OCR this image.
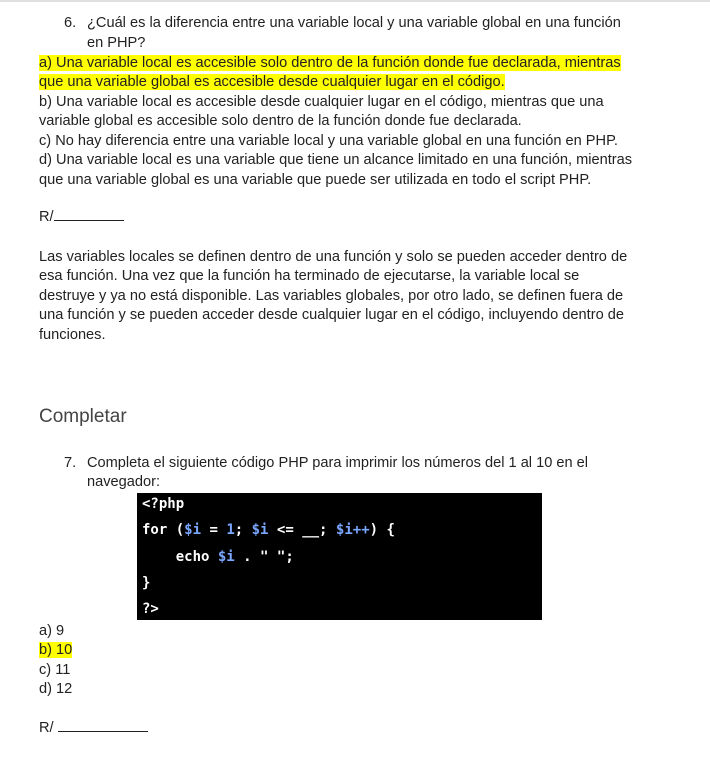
6. ¿Cuál es la diferencia entre una variable local y una variable global en una función
en PHP?
a) Una variable local es accesible solo dentro de la función donde fue declarada, mientras
que una variable global es accesible desde cualquier lugar en el código.
b) Una variable local es accesible desde cualquier lugar en el código, mientras que una
variable global es accesible solo dentro de la función donde fue declarada.
c) No hay diferencia entre una variable local y una variable global en una función en PHP.
d) Una variable local es una variable que tiene un alcance limitado en una función, mientras
que una variable global es una variable que puede ser utilizada en todo el script PHP.
R/
Las variables locales se definen dentro de una función y solo se pueden acceder dentro de
esa función. Una vez que la función ha terminado de ejecutarse, la variable local se
destruye y ya no está disponible. Las variables globales, por otro lado, se definen fuera de
una función y se pueden acceder desde cualquier lugar en el código, incluyendo dentro de
funciones.
Completar
7. Completa el siguiente código PHP para imprimir los números del 1 al 10 en el
navegador:
<?php
for ($i = 1; $i <= __; $i++) {
echo $i . " ";
}
?>
a) 9
b) 10
c) 11
d) 12
R/
